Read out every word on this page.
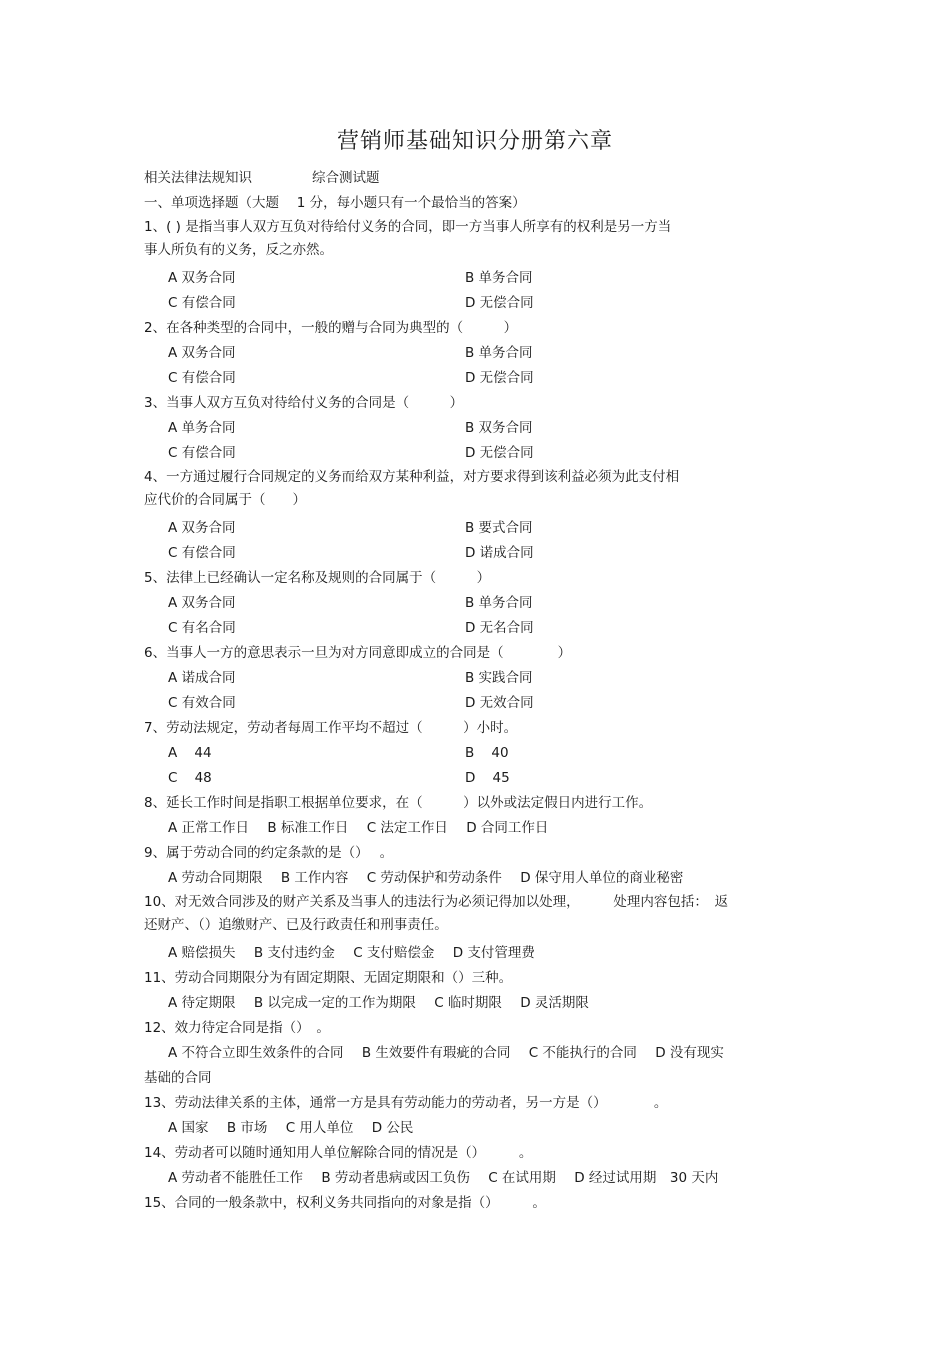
营销师基础知识分册第六章
相关法律法规知识	综合测试题
一、单项选择题（大题　 1 分，每小题只有一个最恰当的答案）
1、( ) 是指当事人双方互负对待给付义务的合同，即一方当事人所享有的权利是另一方当
事人所负有的义务，反之亦然。
A 双务合同	B 单务合同
C 有偿合同	D 无偿合同
2、在各种类型的合同中，一般的赠与合同为典型的（　　　）
A 双务合同	B 单务合同
C 有偿合同	D 无偿合同
3、当事人双方互负对待给付义务的合同是（　　　）
A 单务合同	B 双务合同
C 有偿合同	D 无偿合同
4、一方通过履行合同规定的义务而给双方某种利益，对方要求得到该利益必须为此支付相
应代价的合同属于（　　）
A 双务合同	B 要式合同
C 有偿合同	D 诺成合同
5、法律上已经确认一定名称及规则的合同属于（　　　）
A 双务合同	B 单务合同
C 有名合同	D 无名合同
6、当事人一方的意思表示一旦为对方同意即成立的合同是（　　　　）
A 诺成合同	B 实践合同
C 有效合同	D 无效合同
7、劳动法规定，劳动者每周工作平均不超过（　　　）小时。
A    44	B    40
C    48	D    45
8、延长工作时间是指职工根据单位要求，在（　　　）以外或法定假日内进行工作。
A 正常工作日 B 标准工作日 C 法定工作日 D 合同工作日
9、属于劳动合同的约定条款的是（）　 。
A 劳动合同期限 B 工作内容 C 劳动保护和劳动条件 D 保守用人单位的商业秘密
10、对无效合同涉及的财产关系及当事人的违法行为必须记得加以处理，　　　处理内容包括：　返
还财产、（）追缴财产、已及行政责任和刑事责任。
A 赔偿损失 B 支付违约金 C 支付赔偿金 D 支付管理费
11、劳动合同期限分为有固定期限、无固定期限和（）三种。
A 待定期限 B 以完成一定的工作为期限 C 临时期限 D 灵活期限
12、效力待定合同是指（）　。
A 不符合立即生效条件的合同 B 生效要件有瑕疵的合同 C 不能执行的合同 D 没有现实
基础的合同
13、劳动法律关系的主体，通常一方是具有劳动能力的劳动者，另一方是（）　　　　。
A 国家 B 市场 C 用人单位 D 公民
14、劳动者可以随时通知用人单位解除合同的情况是（）　　　。
A 劳动者不能胜任工作 B 劳动者患病或因工负伤 C 在试用期 D 经过试用期　30 天内
15、合同的一般条款中，权利义务共同指向的对象是指（）　　　。
